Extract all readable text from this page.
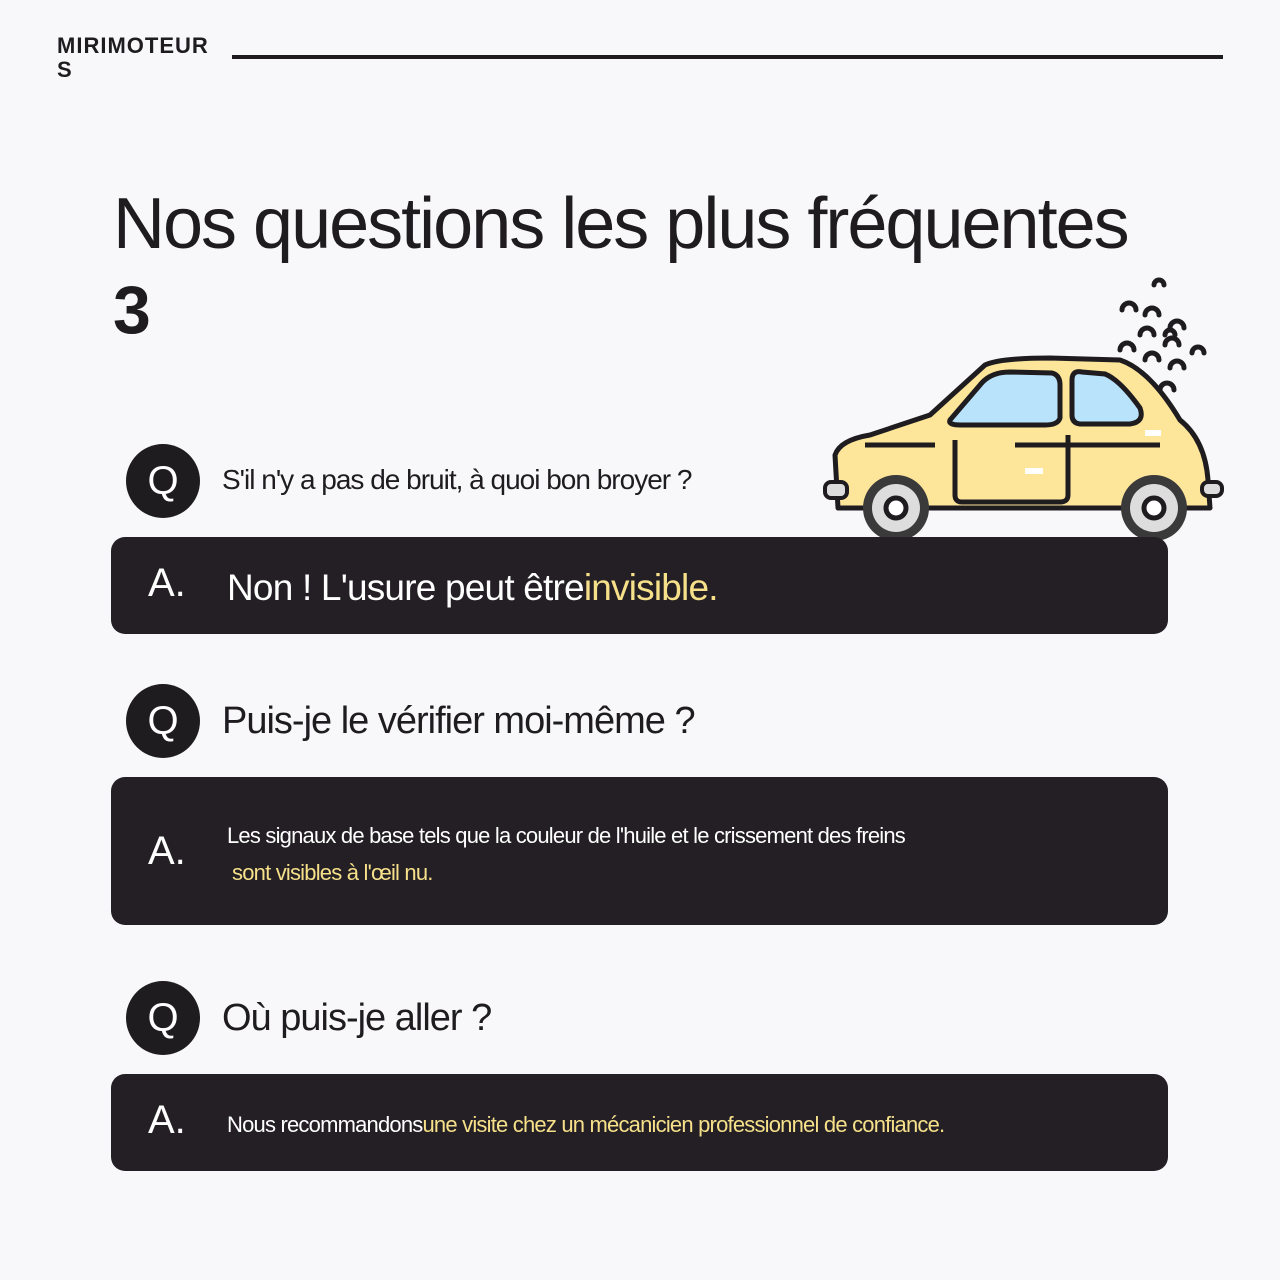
MIRIMOTEURS
Nos questions les plus fréquentes
3
Q	S'il n'y a pas de bruit, à quoi bon broyer ?
A. Non ! L'usure peut êtreinvisible.
Q	Puis-je le vérifier moi-même ?
A. Les signaux de base tels que la couleur de l'huile et le crissement des freins
sont visibles à l'œil nu.
Q	Où puis-je aller ?
A. Nous recommandonsune visite chez un mécanicien professionnel de confiance.
